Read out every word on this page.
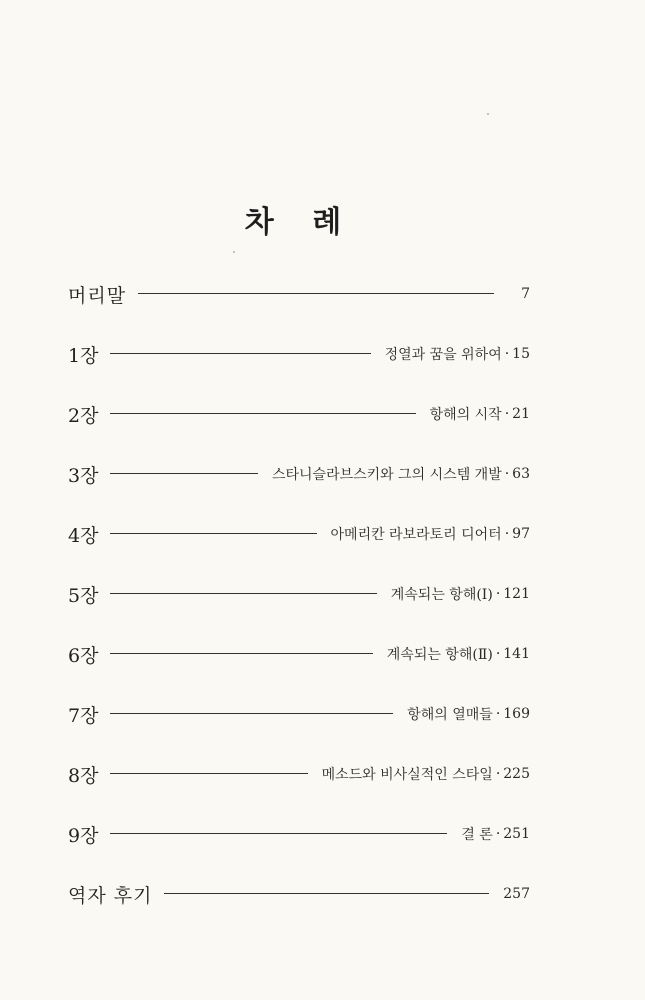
차 례
머리말	7
1장	정열과 꿈을 위하여 · 15
2장	항해의 시작 · 21
3장	스타니슬라브스키와 그의 시스템 개발 · 63
4장	아메리칸 라보라토리 디어터 · 97
5장	계속되는 항해(Ⅰ) · 121
6장	계속되는 항해(Ⅱ) · 141
7장	항해의 열매들 · 169
8장	메소드와 비사실적인 스타일 · 225
9장	결 론 · 251
역자 후기	257
